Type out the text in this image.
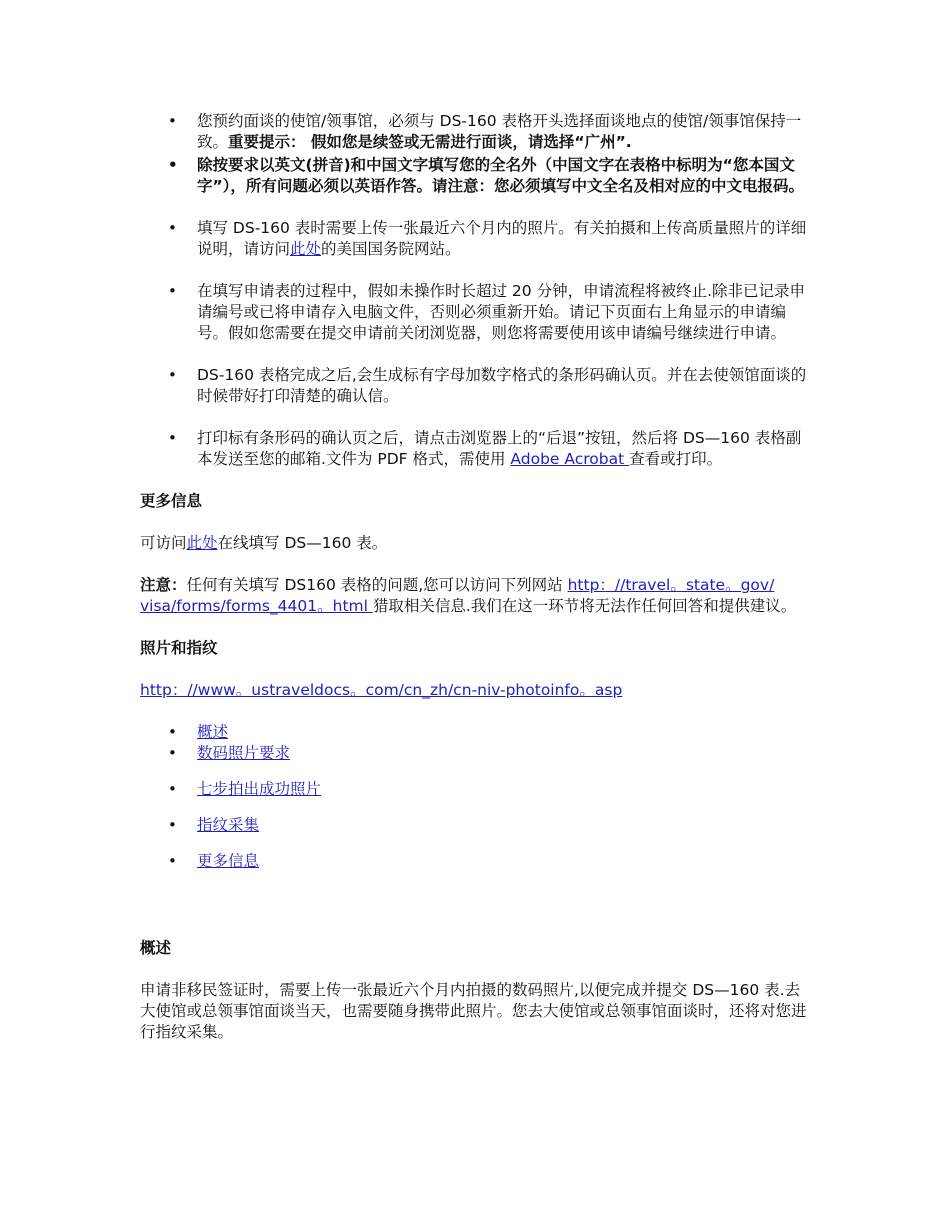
• 您预约面谈的使馆/领事馆，必须与 DS-160 表格开头选择面谈地点的使馆/领事馆保持一致。重要提示： 假如您是续签或无需进行面谈，请选择“广州”.
• 除按要求以英文(拼音)和中国文字填写您的全名外（中国文字在表格中标明为“您本国文字”），所有问题必须以英语作答。请注意：您必须填写中文全名及相对应的中文电报码。
• 填写 DS-160 表时需要上传一张最近六个月内的照片。有关拍摄和上传高质量照片的详细说明，请访问此处的美国国务院网站。
• 在填写申请表的过程中，假如未操作时长超过 20 分钟，申请流程将被终止.除非已记录申请编号或已将申请存入电脑文件，否则必须重新开始。请记下页面右上角显示的申请编号。假如您需要在提交申请前关闭浏览器，则您将需要使用该申请编号继续进行申请。
• DS-160 表格完成之后,会生成标有字母加数字格式的条形码确认页。并在去使领馆面谈的时候带好打印清楚的确认信。
• 打印标有条形码的确认页之后，请点击浏览器上的“后退”按钮，然后将 DS—160 表格副本发送至您的邮箱.文件为 PDF 格式，需使用 Adobe Acrobat 查看或打印。
更多信息

可访问此处在线填写 DS—160 表。

注意：任何有关填写 DS160 表格的问题,您可以访问下列网站 http：//travel。state。gov/ visa/forms/forms_4401。html 猎取相关信息.我们在这一环节将无法作任何回答和提供建议。

照片和指纹

http：//www。ustraveldocs。com/cn_zh/cn-niv-photoinfo。asp

• 概述
• 数码照片要求
• 七步拍出成功照片
• 指纹采集
• 更多信息
概述

申请非移民签证时，需要上传一张最近六个月内拍摄的数码照片,以便完成并提交 DS—160 表.去大使馆或总领事馆面谈当天，也需要随身携带此照片。您去大使馆或总领事馆面谈时，还将对您进行指纹采集。
